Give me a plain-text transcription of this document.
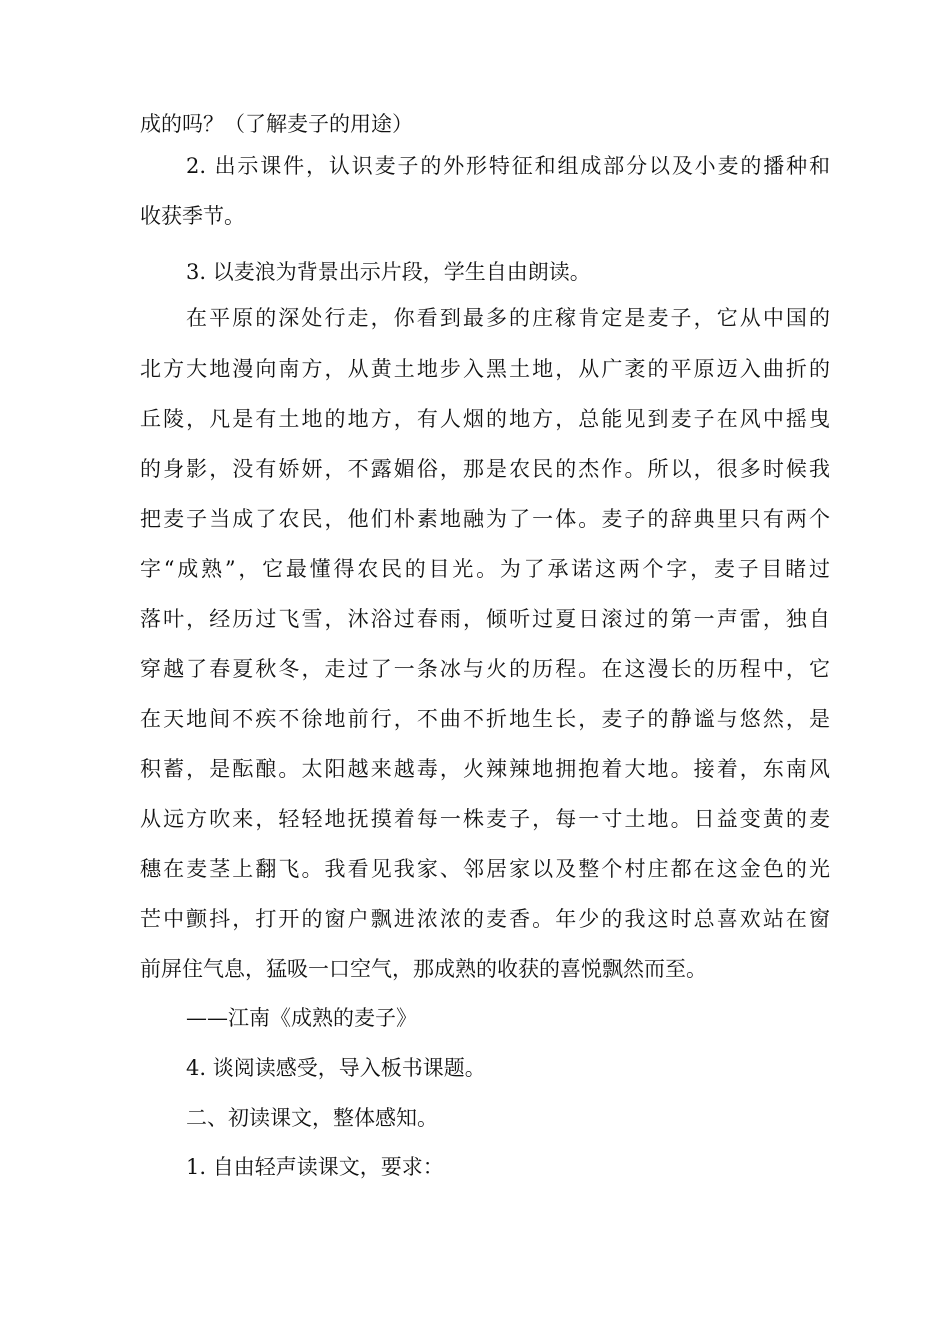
成的吗？（了解麦子的用途）
2. 出示课件，认识麦子的外形特征和组成部分以及小麦的播种和
收获季节。
3. 以麦浪为背景出示片段，学生自由朗读。
在平原的深处行走，你看到最多的庄稼肯定是麦子，它从中国的
北方大地漫向南方，从黄土地步入黑土地，从广袤的平原迈入曲折的
丘陵，凡是有土地的地方，有人烟的地方，总能见到麦子在风中摇曳
的身影，没有娇妍，不露媚俗，那是农民的杰作。所以，很多时候我
把麦子当成了农民，他们朴素地融为了一体。麦子的辞典里只有两个
字“成熟”，它最懂得农民的目光。为了承诺这两个字，麦子目睹过
落叶，经历过飞雪，沐浴过春雨，倾听过夏日滚过的第一声雷，独自
穿越了春夏秋冬，走过了一条冰与火的历程。在这漫长的历程中，它
在天地间不疾不徐地前行，不曲不折地生长，麦子的静谧与悠然，是
积蓄，是酝酿。太阳越来越毒，火辣辣地拥抱着大地。接着，东南风
从远方吹来，轻轻地抚摸着每一株麦子，每一寸土地。日益变黄的麦
穗在麦茎上翻飞。我看见我家、邻居家以及整个村庄都在这金色的光
芒中颤抖，打开的窗户飘进浓浓的麦香。年少的我这时总喜欢站在窗
前屏住气息，猛吸一口空气，那成熟的收获的喜悦飘然而至。
——江南《成熟的麦子》
4. 谈阅读感受，导入板书课题。
二、初读课文，整体感知。
1. 自由轻声读课文，要求：
